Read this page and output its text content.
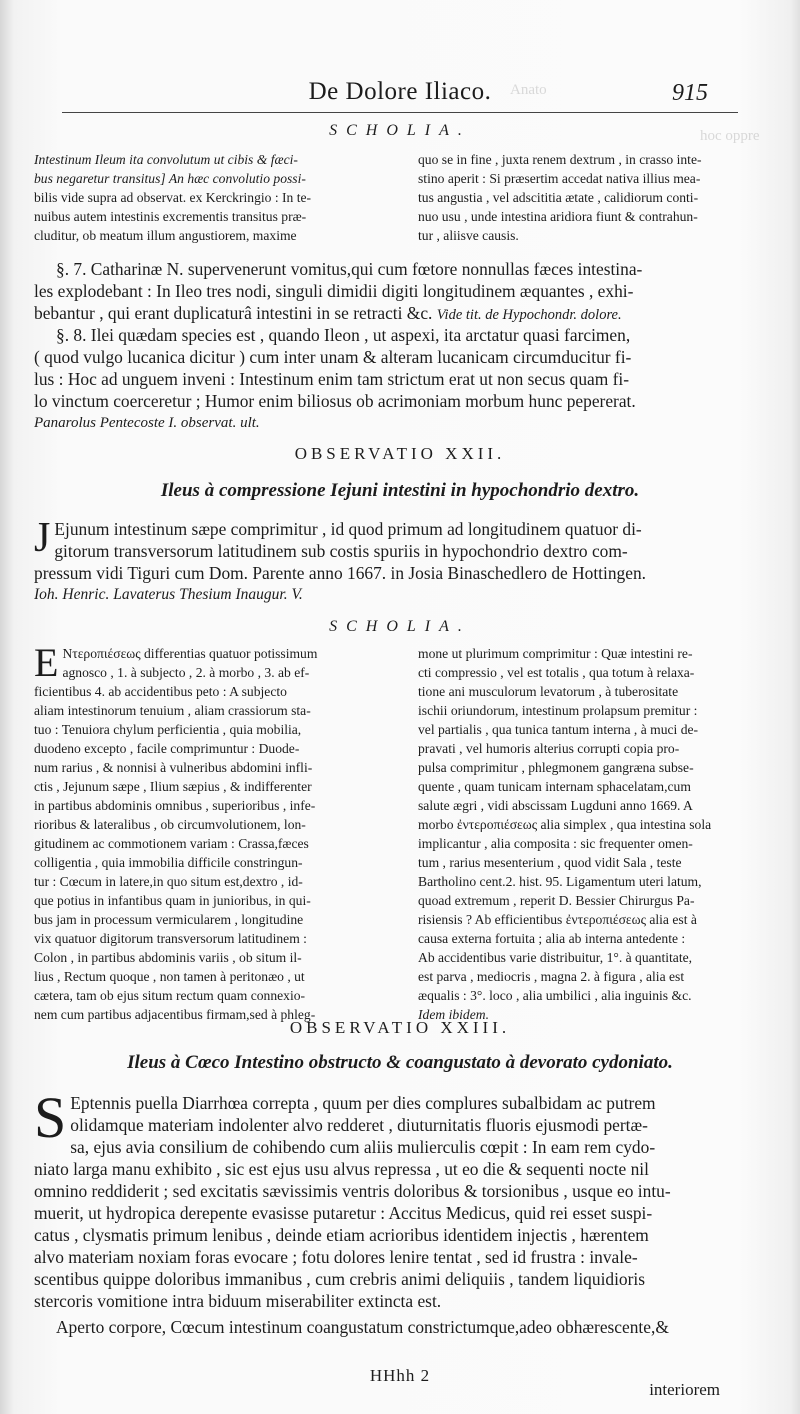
Anato
hoc oppre
De Dolore Iliaco.	915
SCHOLIA.
Intestinum Ileum ita convolutum ut cibis & fæci-
bus negaretur transitus] An hæc convolutio possi-
bilis vide supra ad observat. ex Kerckringio : In te-
nuibus autem intestinis excrementis transitus præ-
cluditur, ob meatum illum angustiorem, maxime
quo se in fine , juxta renem dextrum , in crasso inte-
stino aperit : Si præsertim accedat nativa illius mea-
tus angustia , vel adscititia ætate , calidiorum conti-
nuo usu , unde intestina aridiora fiunt & contrahun-
tur , aliisve causis.
§. 7. Catharinæ N. supervenerunt vomitus,qui cum fœtore nonnullas fæces intestina-
les explodebant : In Ileo tres nodi, singuli dimidii digiti longitudinem æquantes , exhi-
bebantur , qui erant duplicaturâ intestini in se retracti &c. Vide tit. de Hypochondr. dolore.
§. 8. Ilei quædam species est , quando Ileon , ut aspexi, ita arctatur quasi farcimen,
( quod vulgo lucanica dicitur ) cum inter unam & alteram lucanicam circumducitur fi-
lus : Hoc ad unguem inveni : Intestinum enim tam strictum erat ut non secus quam fi-
lo vinctum coerceretur ; Humor enim biliosus ob acrimoniam morbum hunc pepererat.
Panarolus Pentecoste I. observat. ult.
OBSERVATIO XXII.
Ileus à compressione Iejuni intestini in hypochondrio dextro.
J Ejunum intestinum sæpe comprimitur , id quod primum ad longitudinem quatuor di-
gitorum transversorum latitudinem sub costis spuriis in hypochondrio dextro com-
pressum vidi Tiguri cum Dom. Parente anno 1667. in Josia Binaschedlero de Hottingen.
Ioh. Henric. Lavaterus Thesium Inaugur. V.
SCHOLIA.
E Ντεροπιέσεως differentias quatuor potissimum
agnosco , 1. à subjecto , 2. à morbo , 3. ab ef-
ficientibus 4. ab accidentibus peto : A subjecto
aliam intestinorum tenuium , aliam crassiorum sta-
tuo : Tenuiora chylum perficientia , quia mobilia,
duodeno excepto , facile comprimuntur : Duode-
num rarius , & nonnisi à vulneribus abdomini infli-
ctis , Jejunum sæpe , Ilium sæpius , & indifferenter
in partibus abdominis omnibus , superioribus , infe-
rioribus & lateralibus , ob circumvolutionem, lon-
gitudinem ac commotionem variam : Crassa,fæces
colligentia , quia immobilia difficile constringun-
tur : Cœcum in latere,in quo situm est,dextro , id-
que potius in infantibus quam in junioribus, in qui-
bus jam in processum vermicularem , longitudine
vix quatuor digitorum transversorum latitudinem :
Colon , in partibus abdominis variis , ob situm il-
lius , Rectum quoque , non tamen à peritonæo , ut
cætera, tam ob ejus situm rectum quam connexio-
nem cum partibus adjacentibus firmam,sed à phleg-
mone ut plurimum comprimitur : Quæ intestini re-
cti compressio , vel est totalis , qua totum à relaxa-
tione ani musculorum levatorum , à tuberositate
ischii oriundorum, intestinum prolapsum premitur :
vel partialis , qua tunica tantum interna , à muci de-
pravati , vel humoris alterius corrupti copia pro-
pulsa comprimitur , phlegmonem gangrænа subse-
quente , quam tunicam internam sphacelatam,cum
salute ægri , vidi abscissam Lugduni anno 1669. A
morbo ἐντεροπιέσεως alia simplex , qua intestina sola
implicantur , alia composita : sic frequenter omen-
tum , rarius mesenterium , quod vidit Sala , teste
Bartholino cent.2. hist. 95. Ligamentum uteri latum,
quoad extremum , reperit D. Bessier Chirurgus Pa-
risiensis ? Ab efficientibus ἐντεροπιέσεως alia est à
causa externa fortuita ; alia ab interna antedente :
Ab accidentibus varie distribuitur, 1°. à quantitate,
est parva , mediocris , magna 2. à figura , alia est
æqualis : 3°. loco , alia umbilici , alia inguinis &c.
Idem ibidem.
OBSERVATIO XXIII.
Ileus à Cœco Intestino obstructo & coangustato à devorato cydoniato.
S Eptennis puella Diarrhœa correpta , quum per dies complures subalbidam ac putrem
olidamque materiam indolenter alvo redderet , diuturnitatis fluoris ejusmodi pertæ-
sa, ejus avia consilium de cohibendo cum aliis mulierculis cœpit : In eam rem cydo-
niato larga manu exhibito , sic est ejus usu alvus repressa , ut eo die & sequenti nocte nil
omnino reddiderit ; sed excitatis sævissimis ventris doloribus & torsionibus , usque eo intu-
muerit, ut hydropica derepente evasisse putaretur : Accitus Medicus, quid rei esset suspi-
catus , clysmatis primum lenibus , deinde etiam acrioribus identidem injectis , hærentem
alvo materiam noxiam foras evocare ; fotu dolores lenire tentat , sed id frustra : invale-
scentibus quippe doloribus immanibus , cum crebris animi deliquiis , tandem liquidioris
stercoris vomitione intra biduum miserabiliter extincta est.
Aperto corpore, Cœcum intestinum coangustatum constrictumque,adeo obhærescente,&
HHhh 2
interiorem
